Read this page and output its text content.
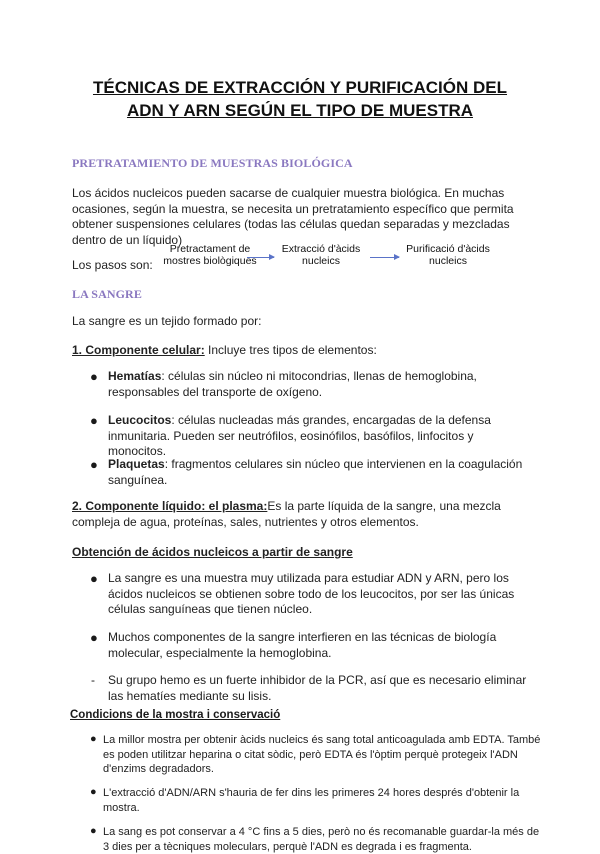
TÉCNICAS DE EXTRACCIÓN Y PURIFICACIÓN DEL
ADN Y ARN SEGÚN EL TIPO DE MUESTRA
PRETRATAMIENTO DE MUESTRAS BIOLÓGICA
Los ácidos nucleicos pueden sacarse de cualquier muestra biológica. En muchas ocasiones, según la muestra, se necesita un pretratamiento específico que permita obtener suspensiones celulares (todas las células quedan separadas y mezcladas dentro de un líquido)
Los pasos son:
Pretractament de
mostres biològiques
Extracció d'àcids
nucleics
Purificació d'àcids
nucleics
LA SANGRE
La sangre es un tejido formado por:
1. Componente celular: Incluye tres tipos de elementos:
● Hematías: células sin núcleo ni mitocondrias, llenas de hemoglobina, responsables del transporte de oxígeno.
● Leucocitos: células nucleadas más grandes, encargadas de la defensa inmunitaria. Pueden ser neutrófilos, eosinófilos, basófilos, linfocitos y monocitos.
● Plaquetas: fragmentos celulares sin núcleo que intervienen en la coagulación sanguínea.
2. Componente líquido: el plasma:Es la parte líquida de la sangre, una mezcla compleja de agua, proteínas, sales, nutrientes y otros elementos.
Obtención de ácidos nucleicos a partir de sangre
● La sangre es una muestra muy utilizada para estudiar ADN y ARN, pero los ácidos nucleicos se obtienen sobre todo de los leucocitos, por ser las únicas células sanguíneas que tienen núcleo.
● Muchos componentes de la sangre interfieren en las técnicas de biología molecular, especialmente la hemoglobina.
- Su grupo hemo es un fuerte inhibidor de la PCR, así que es necesario eliminar las hematíes mediante su lisis.
Condicions de la mostra i conservació
● La millor mostra per obtenir àcids nucleics és sang total anticoagulada amb EDTA. També es poden utilitzar heparina o citat sòdic, però EDTA és l'òptim perquè protegeix l'ADN d'enzims degradadors.
● L'extracció d'ADN/ARN s'hauria de fer dins les primeres 24 hores després d'obtenir la mostra.
● La sang es pot conservar a 4 °C fins a 5 dies, però no és recomanable guardar-la més de 3 dies per a tècniques moleculars, perquè l'ADN es degrada i es fragmenta.
